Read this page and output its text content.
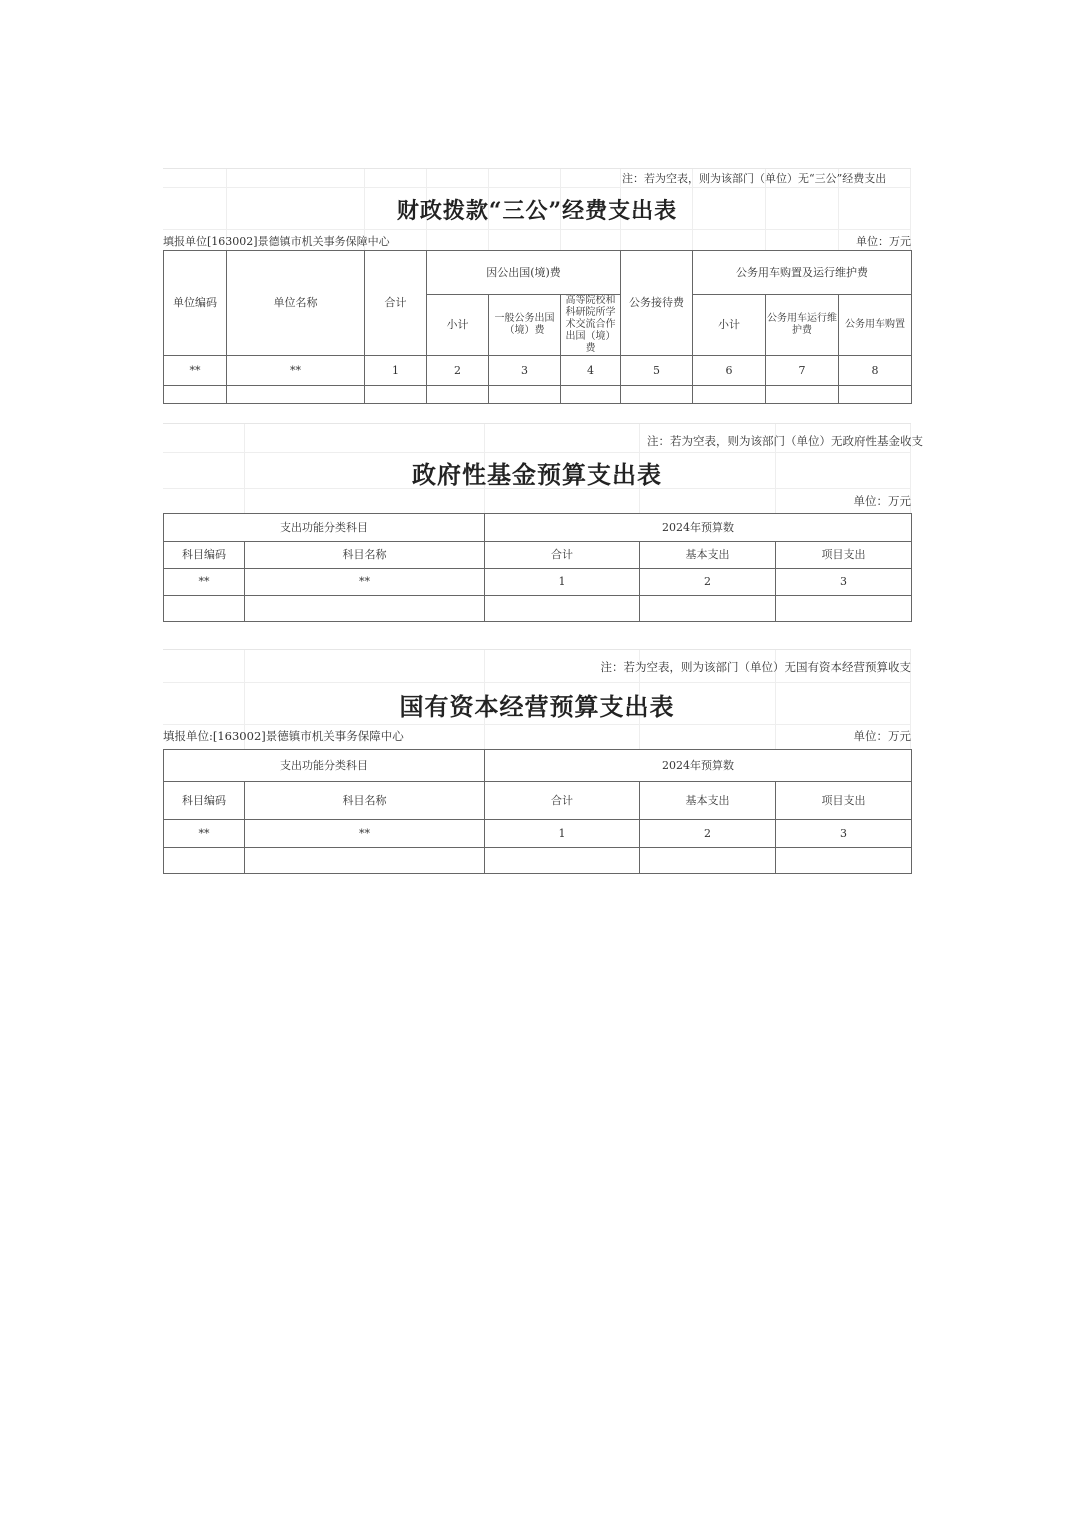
注：若为空表，则为该部门（单位）无“三公”经费支出
财政拨款“三公”经费支出表
填报单位[163002]景德镇市机关事务保障中心	单位：万元
单位编码	单位名称	合计	因公出国(境)费			公务接待费	公务用车购置及运行维护费		
			小计	一般公务出国（境）费	高等院校和科研院所学术交流合作出国（境）费		小计	公务用车运行维护费	公务用车购置
**	**	1	2	3	4	5	6	7	8

注：若为空表，则为该部门（单位）无政府性基金收支
政府性基金预算支出表
单位：万元
支出功能分类科目		2024年预算数		
科目编码	科目名称	合计	基本支出	项目支出
**	**	1	2	3

注：若为空表，则为该部门（单位）无国有资本经营预算收支
国有资本经营预算支出表
填报单位:[163002]景德镇市机关事务保障中心	单位：万元
支出功能分类科目		2024年预算数		
科目编码	科目名称	合计	基本支出	项目支出
**	**	1	2	3
